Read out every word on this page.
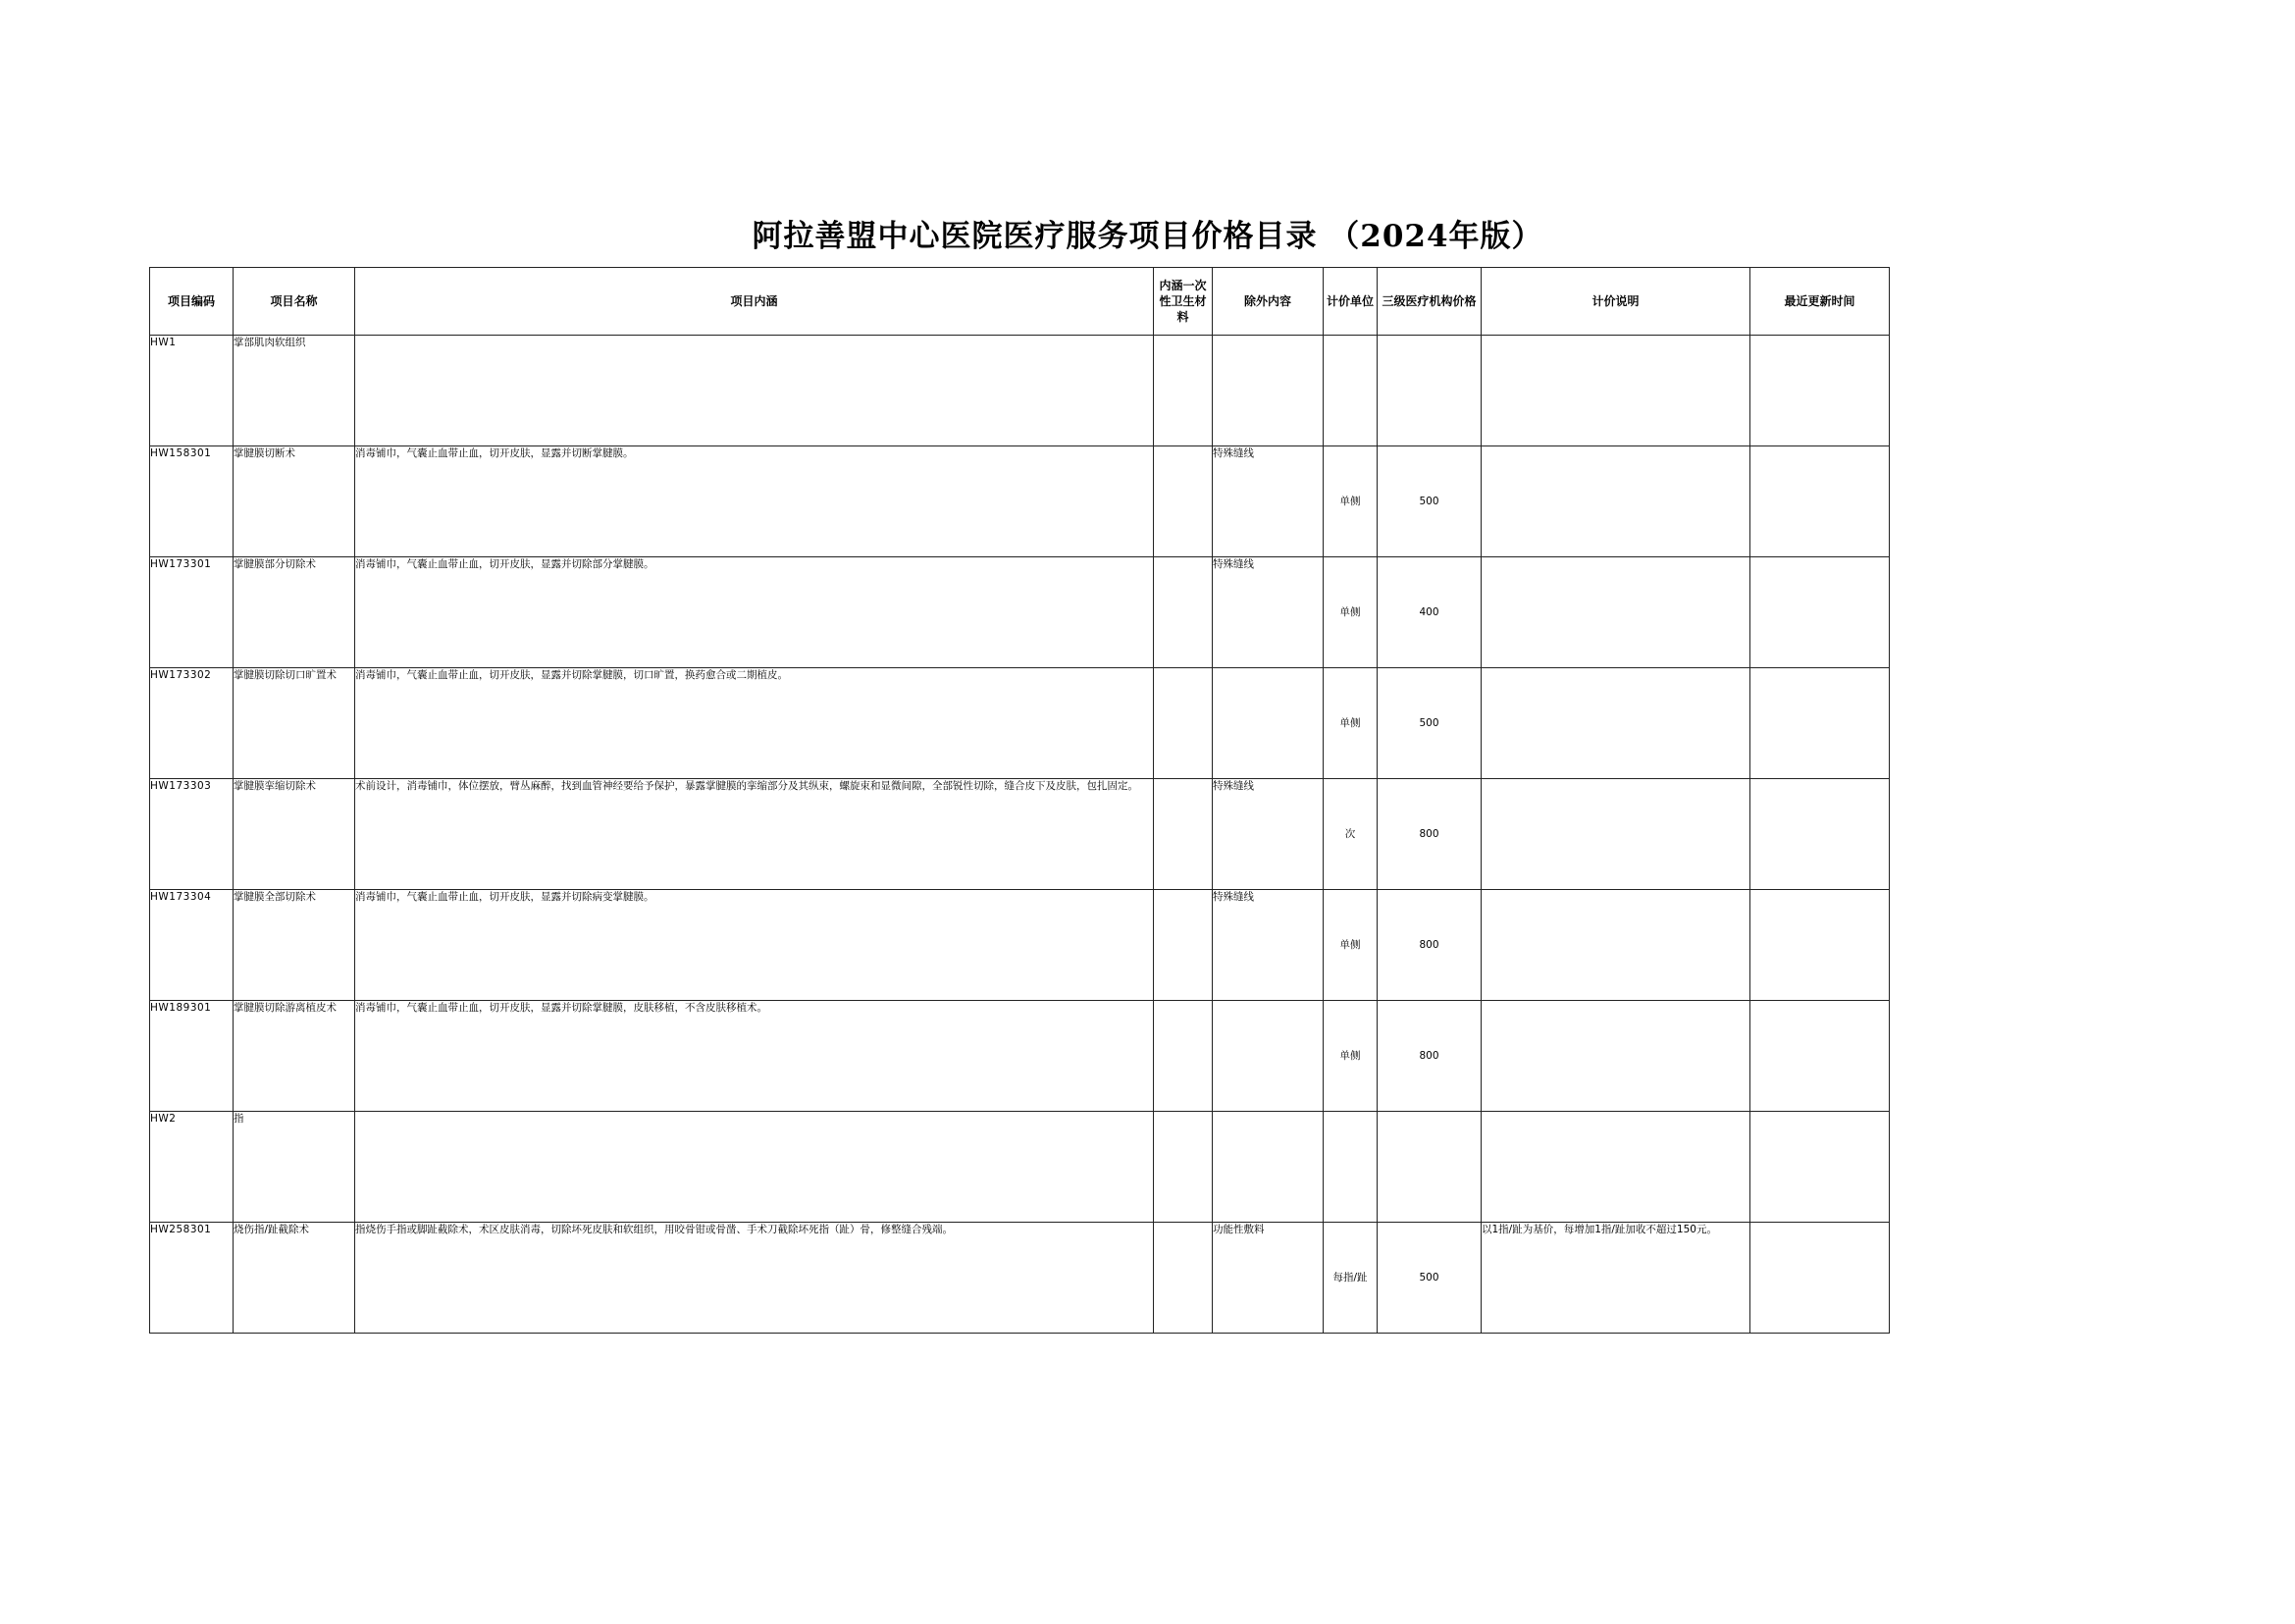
阿拉善盟中心医院医疗服务项目价格目录 （2024年版）
项目编码	项目名称	项目内涵	内涵一次性卫生材料	除外内容	计价单位	三级医疗机构价格	计价说明	最近更新时间
HW1	掌部肌肉软组织							
HW158301	掌腱膜切断术	消毒铺巾，气囊止血带止血，切开皮肤，显露并切断掌腱膜。		特殊缝线	单侧	500		
HW173301	掌腱膜部分切除术	消毒铺巾，气囊止血带止血，切开皮肤，显露并切除部分掌腱膜。		特殊缝线	单侧	400		
HW173302	掌腱膜切除切口旷置术	消毒铺巾，气囊止血带止血，切开皮肤，显露并切除掌腱膜，切口旷置，换药愈合或二期植皮。			单侧	500		
HW173303	掌腱膜挛缩切除术	术前设计，消毒铺巾，体位摆放，臂丛麻醉，找到血管神经要给予保护，暴露掌腱膜的挛缩部分及其纵束，螺旋束和显微间隙，全部锐性切除，缝合皮下及皮肤，包扎固定。		特殊缝线	次	800		
HW173304	掌腱膜全部切除术	消毒铺巾，气囊止血带止血，切开皮肤，显露并切除病变掌腱膜。		特殊缝线	单侧	800		
HW189301	掌腱膜切除游离植皮术	消毒铺巾，气囊止血带止血，切开皮肤，显露并切除掌腱膜，皮肤移植，不含皮肤移植术。			单侧	800		
HW2	指							
HW258301	烧伤指/趾截除术	指烧伤手指或脚趾截除术，术区皮肤消毒，切除坏死皮肤和软组织，用咬骨钳或骨凿、手术刀截除坏死指（趾）骨，修整缝合残端。		功能性敷料	每指/趾	500	以1指/趾为基价，每增加1指/趾加收不超过150元。	
